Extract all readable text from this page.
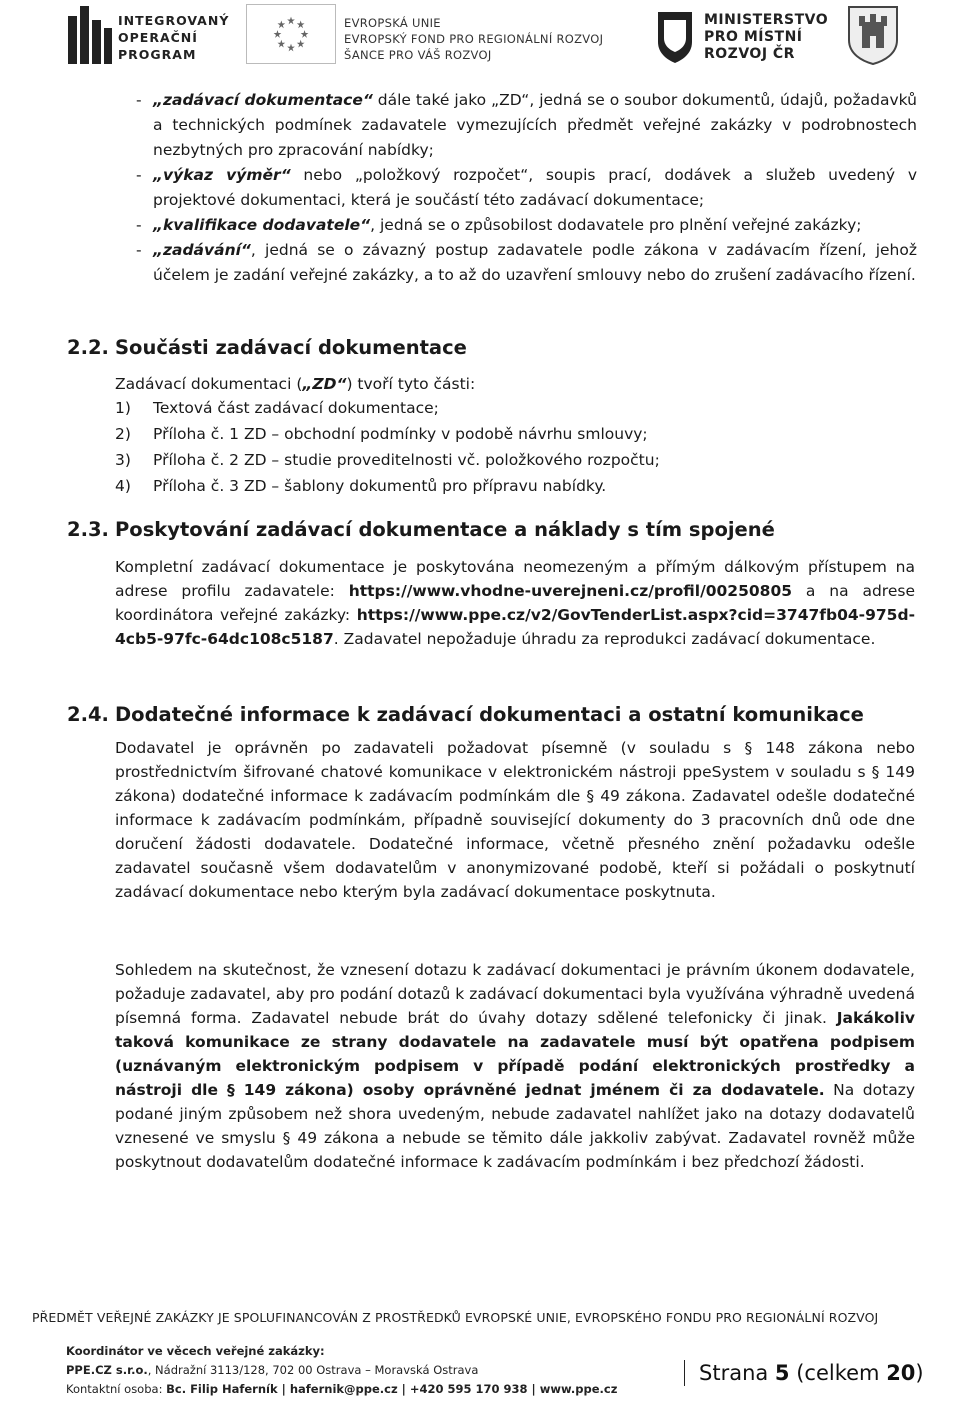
INTEGROVANÝ
OPERAČNÍ
PROGRAM
EVROPSKÁ UNIE
EVROPSKÝ FOND PRO REGIONÁLNÍ ROZVOJ
ŠANCE PRO VÁŠ ROZVOJ
MINISTERSTVO
PRO MÍSTNÍ
ROZVOJ ČR
- „zadávací dokumentace“ dále také jako „ZD“, jedná se o soubor dokumentů, údajů, požadavků a technických podmínek zadavatele vymezujících předmět veřejné zakázky v podrobnostech nezbytných pro zpracování nabídky;
- „výkaz výměr“ nebo „položkový rozpočet“, soupis prací, dodávek a služeb uvedený v projektové dokumentaci, která je součástí této zadávací dokumentace;
- „kvalifikace dodavatele“, jedná se o způsobilost dodavatele pro plnění veřejné zakázky;
- „zadávání“, jedná se o závazný postup zadavatele podle zákona v zadávacím řízení, jehož účelem je zadání veřejné zakázky, a to až do uzavření smlouvy nebo do zrušení zadávacího řízení.
2.2. Součásti zadávací dokumentace

Zadávací dokumentaci („ZD“) tvoří tyto části:

1) Textová část zadávací dokumentace;
2) Příloha č. 1 ZD – obchodní podmínky v podobě návrhu smlouvy;
3) Příloha č. 2 ZD – studie proveditelnosti vč. položkového rozpočtu;
4) Příloha č. 3 ZD – šablony dokumentů pro přípravu nabídky.
2.3. Poskytování zadávací dokumentace a náklady s tím spojené

Kompletní zadávací dokumentace je poskytována neomezeným a přímým dálkovým přístupem na adrese profilu zadavatele: https://www.vhodne-uverejneni.cz/profil/00250805 a na adrese koordinátora veřejné zakázky: https://www.ppe.cz/v2/GovTenderList.aspx?cid=3747fb04-975d-4cb5-97fc-64dc108c5187. Zadavatel nepožaduje úhradu za reprodukci zadávací dokumentace.

2.4. Dodatečné informace k zadávací dokumentaci a ostatní komunikace

Dodavatel je oprávněn po zadavateli požadovat písemně (v souladu s § 148 zákona nebo prostřednictvím šifrované chatové komunikace v elektronickém nástroji ppeSystem v souladu s § 149 zákona) dodatečné informace k zadávacím podmínkám dle § 49 zákona. Zadavatel odešle dodatečné informace k zadávacím podmínkám, případně související dokumenty do 3 pracovních dnů ode dne doručení žádosti dodavatele. Dodatečné informace, včetně přesného znění požadavku odešle zadavatel současně všem dodavatelům v anonymizované podobě, kteří si požádali o poskytnutí zadávací dokumentace nebo kterým byla zadávací dokumentace poskytnuta.

Sohledem na skutečnost, že vznesení dotazu k zadávací dokumentaci je právním úkonem dodavatele, požaduje zadavatel, aby pro podání dotazů k zadávací dokumentaci byla využívána výhradně uvedená písemná forma. Zadavatel nebude brát do úvahy dotazy sdělené telefonicky či jinak. Jakákoliv taková komunikace ze strany dodavatele na zadavatele musí být opatřena podpisem (uznávaným elektronickým podpisem v případě podání elektronických prostředky a nástroji dle § 149 zákona) osoby oprávněné jednat jménem či za dodavatele. Na dotazy podané jiným způsobem než shora uvedeným, nebude zadavatel nahlížet jako na dotazy dodavatelů vznesené ve smyslu § 49 zákona a nebude se těmito dále jakkoliv zabývat. Zadavatel rovněž může poskytnout dodavatelům dodatečné informace k zadávacím podmínkám i bez předchozí žádosti.

PŘEDMĚT VEŘEJNÉ ZAKÁZKY JE SPOLUFINANCOVÁN Z PROSTŘEDKŮ EVROPSKÉ UNIE, EVROPSKÉHO FONDU PRO REGIONÁLNÍ ROZVOJ
Koordinátor ve věcech veřejné zakázky:
PPE.CZ s.r.o., Nádražní 3113/128, 702 00 Ostrava – Moravská Ostrava
Kontaktní osoba: Bc. Filip Haferník | hafernik@ppe.cz | +420 595 170 938 | www.ppe.cz
Strana 5 (celkem 20)
